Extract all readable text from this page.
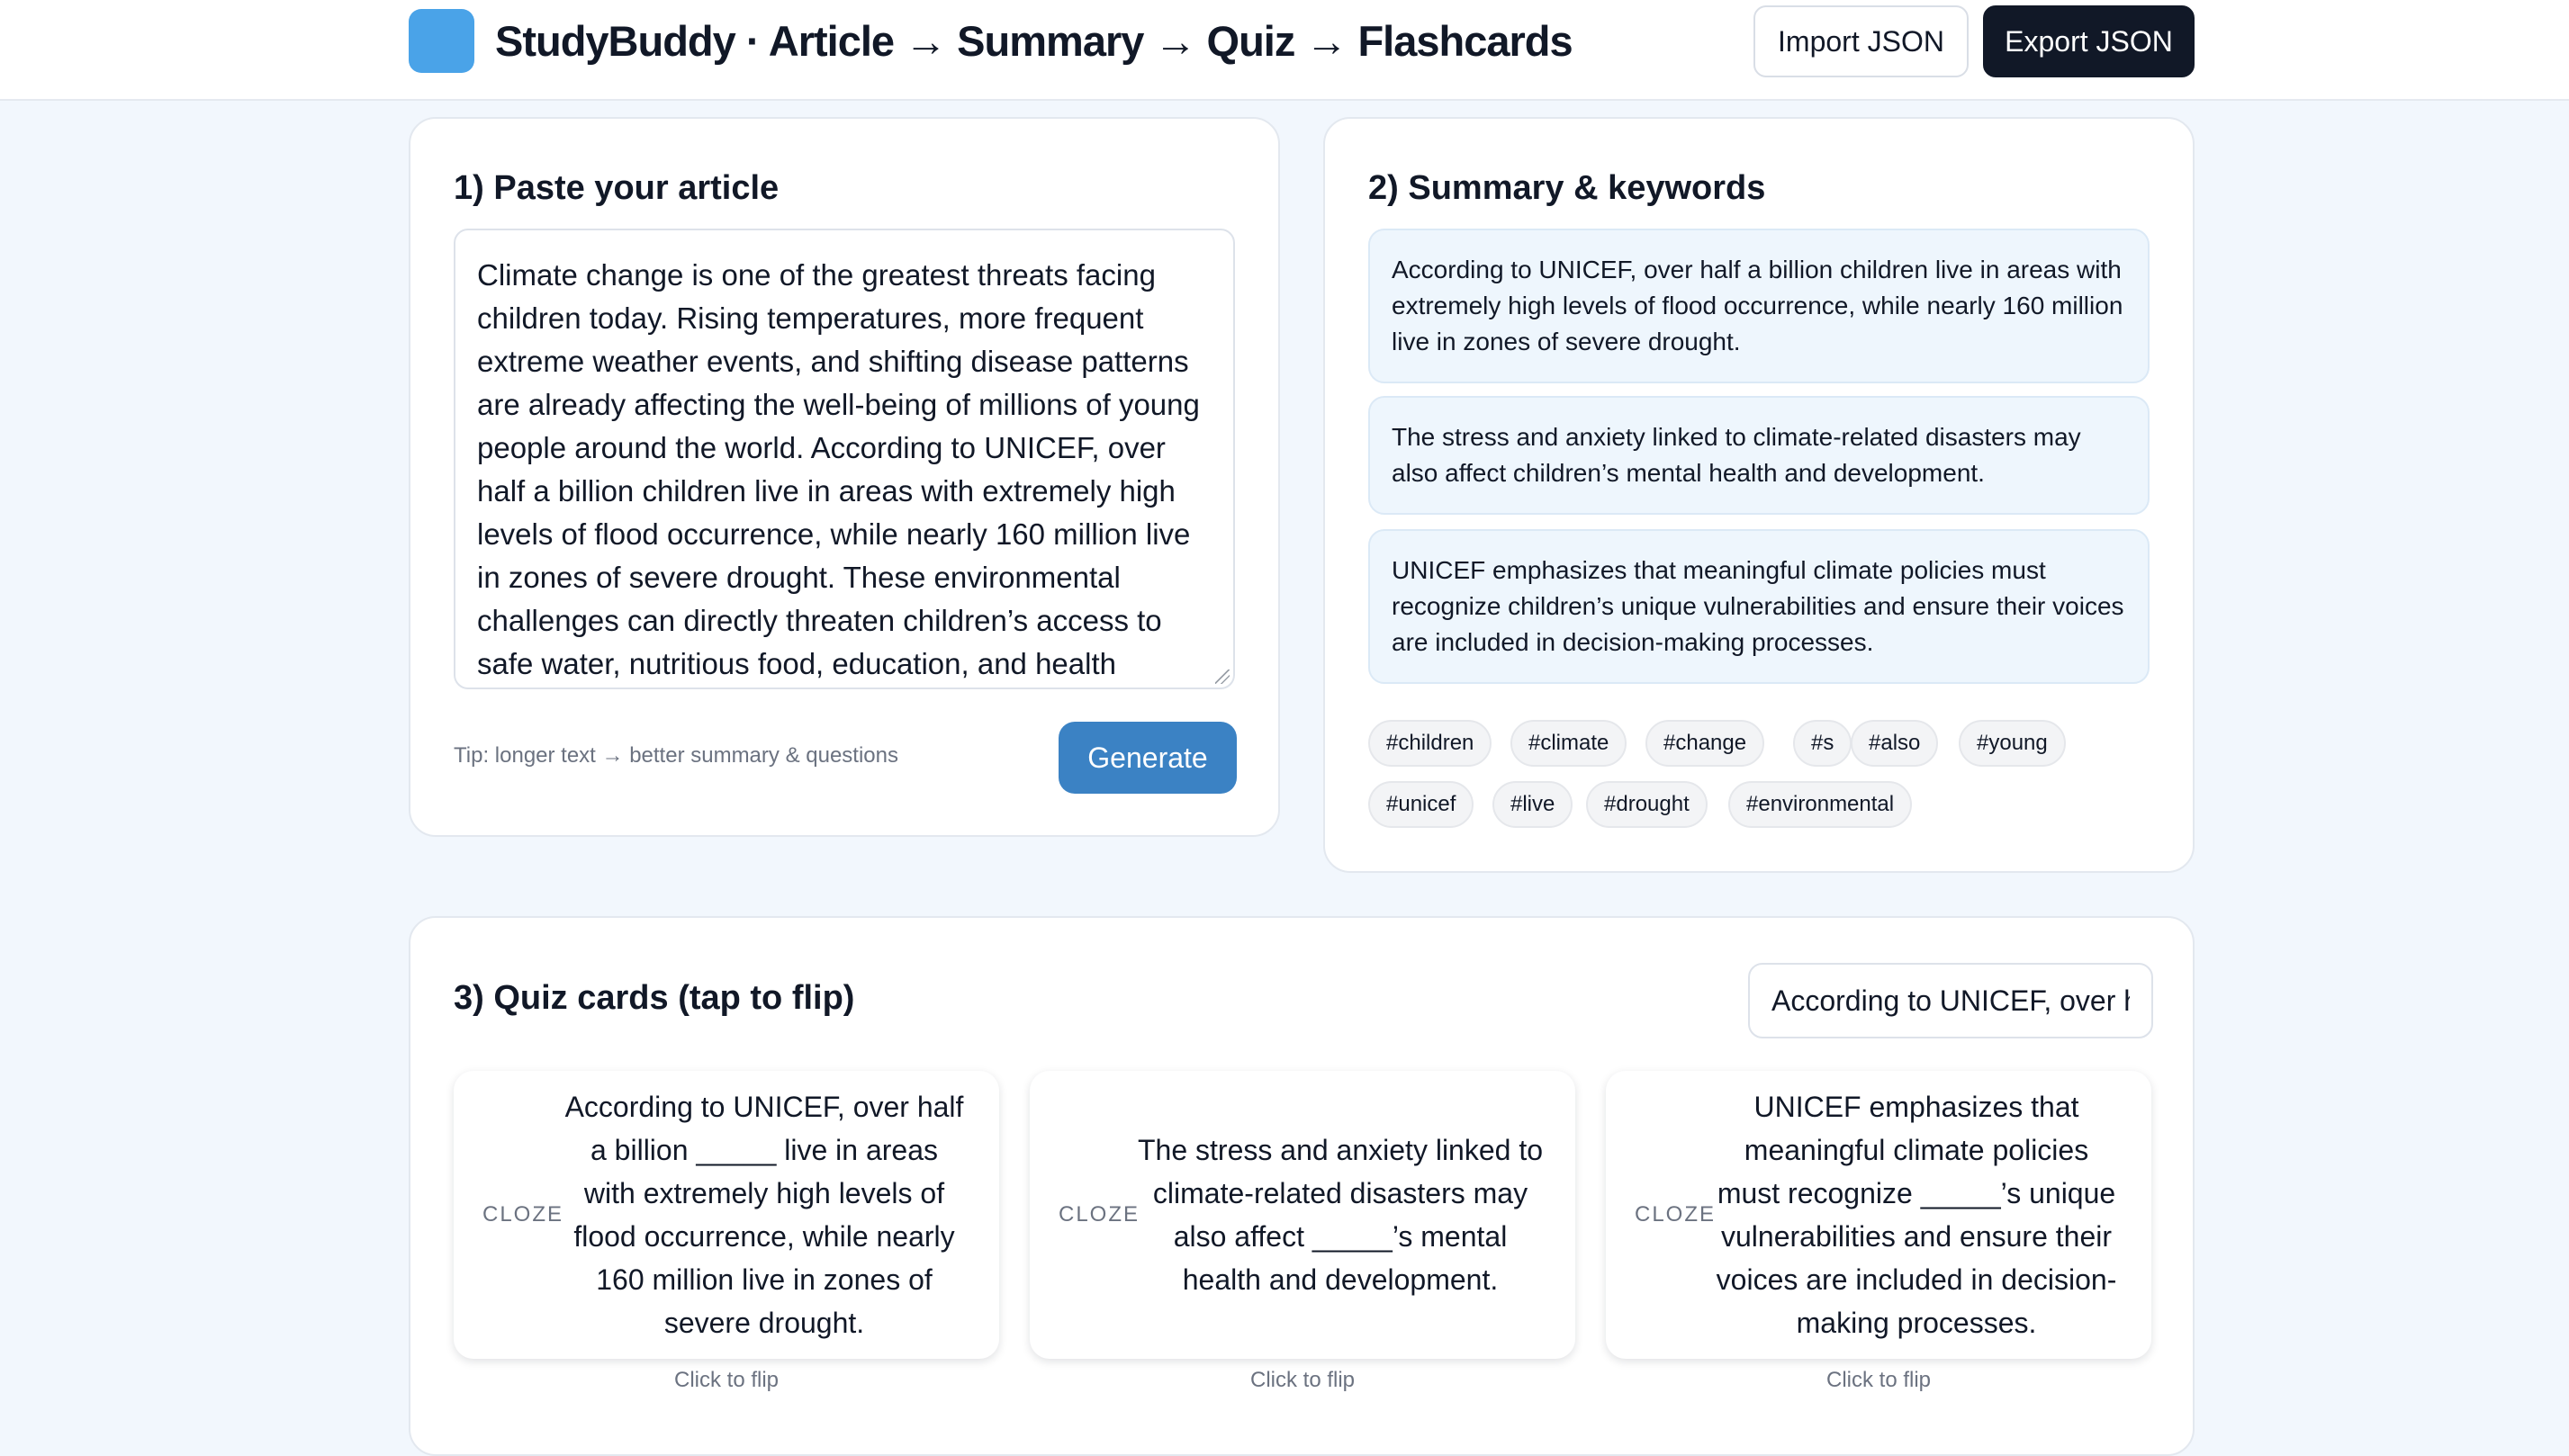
StudyBuddy · Article → Summary → Quiz → Flashcards	Import JSON	Export JSON
1) Paste your article
Climate change is one of the greatest threats facing children today. Rising temperatures, more frequent extreme weather events, and shifting disease patterns are already affecting the well-being of millions of young people around the world. According to UNICEF, over half a billion children live in areas with extremely high levels of flood occurrence, while nearly 160 million live in zones of severe drought. These environmental challenges can directly threaten children’s access to safe water, nutritious food, education, and health
Tip: longer text → better summary & questions	Generate
2) Summary & keywords
According to UNICEF, over half a billion children live in areas with extremely high levels of flood occurrence, while nearly 160 million live in zones of severe drought.
The stress and anxiety linked to climate-related disasters may also affect children’s mental health and development.
UNICEF emphasizes that meaningful climate policies must recognize children’s unique vulnerabilities and ensure their voices are included in decision-making processes.
#children	#climate	#change	#s	#also	#young
#unicef	#live	#drought	#environmental
3) Quiz cards (tap to flip)
According to UNICEF, over half
CLOZE
According to UNICEF, over half a billion _____ live in areas with extremely high levels of flood occurrence, while nearly 160 million live in zones of severe drought.
Click to flip
CLOZE
The stress and anxiety linked to climate-related disasters may also affect _____’s mental health and development.
Click to flip
CLOZE
UNICEF emphasizes that meaningful climate policies must recognize _____’s unique vulnerabilities and ensure their voices are included in decision-making processes.
Click to flip
